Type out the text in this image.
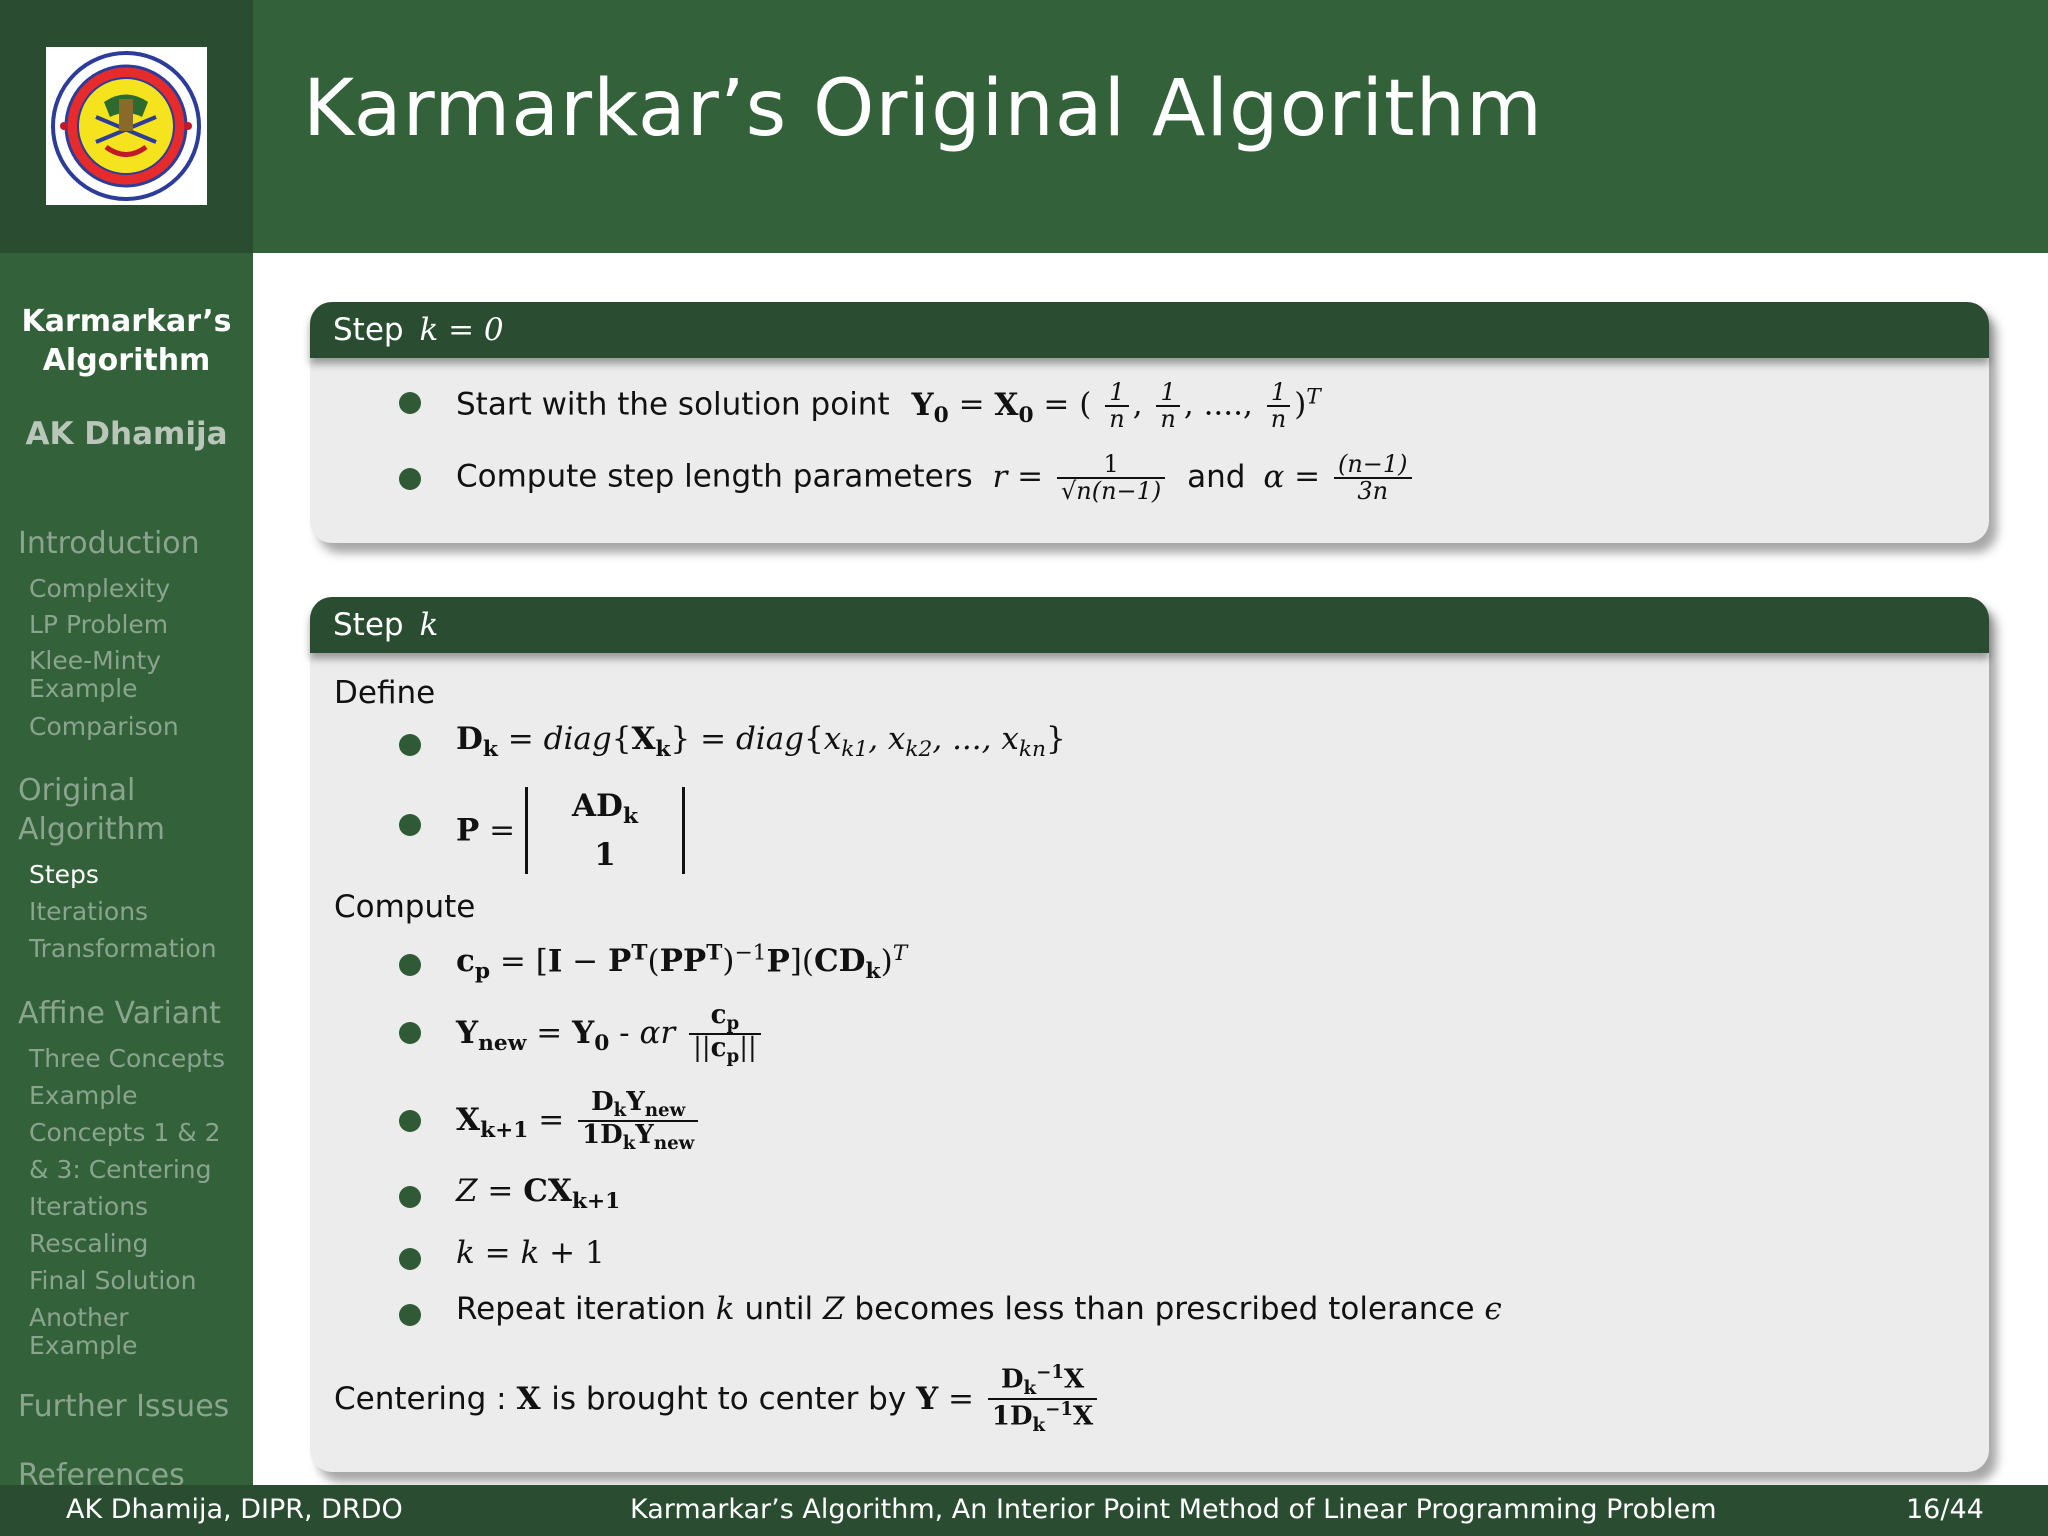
Karmarkar’s Original Algorithm
Karmarkar’s
Algorithm
AK Dhamija
Introduction
Complexity
LP Problem
Klee-Minty
Example
Comparison
Original
Algorithm
Steps
Iterations
Transformation
Affine Variant
Three Concepts
Example
Concepts 1 & 2
& 3: Centering
Iterations
Rescaling
Final Solution
Another
Example
Further Issues
References
Step k = 0
Start with the solution point $Y_0 = X_0$ = ( $\frac{1}{n}$ , $\frac{1}{n}$ , ...., $\frac{1}{n} )^T$
Compute step length parameters $r = \frac{1}{√n(n-1)}$ and $\alpha = \frac{(n-1)}{3n}$
Step k
Define
$D_k$ = $diag\{X_k\}$ = $diag\{x_{k1}$, $x_{k2}$, ..., $x_{kn}$}
P =
$AD_k$
1
Compute
$c_p = [I - P^T(PP^T)^{-1}P](CD_k)^T$
$Y_{new} = Y_0 - \alpha r \frac{c_p}{||c_p||}$
$X_{k+1} = \frac{D_kY_{new}}{1D_kY_{new}}$
$Z = CX_{k+1}$
k = k + 1
Repeat iteration k until Z becomes less than prescribed tolerance ϵ
Centering : X is brought to center by $Y = \frac{D_k^{-1}X}{1D_k^{-1}X}$
AK Dhamija, DIPR, DRDO	Karmarkar’s Algorithm, An Interior Point Method of Linear Programming Problem	16/44
